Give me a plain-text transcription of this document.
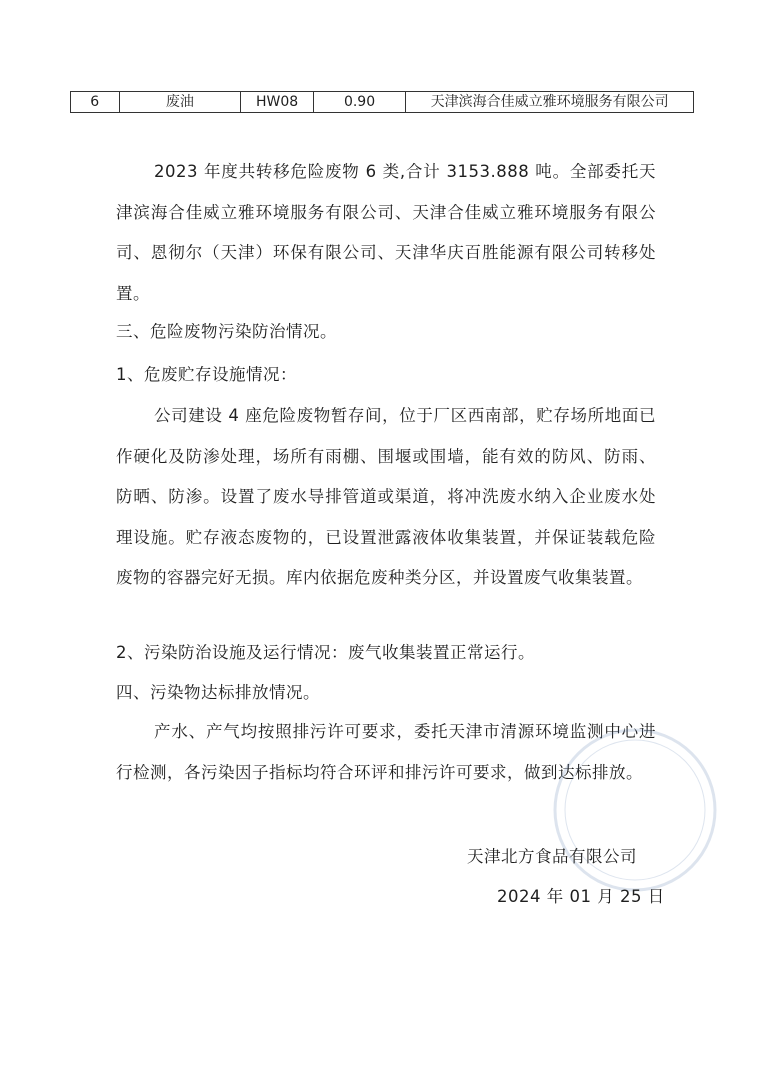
6	废油	HW08	0.90	天津滨海合佳威立雅环境服务有限公司

2023 年度共转移危险废物 6 类,合计 3153.888 吨。全部委托天津滨海合佳威立雅环境服务有限公司、天津合佳威立雅环境服务有限公司、恩彻尔（天津）环保有限公司、天津华庆百胜能源有限公司转移处置。

三、危险废物污染防治情况。

1、危废贮存设施情况：

公司建设 4 座危险废物暂存间，位于厂区西南部，贮存场所地面已作硬化及防渗处理，场所有雨棚、围堰或围墙，能有效的防风、防雨、防晒、防渗。设置了废水导排管道或渠道，将冲洗废水纳入企业废水处理设施。贮存液态废物的，已设置泄露液体收集装置，并保证装载危险废物的容器完好无损。库内依据危废种类分区，并设置废气收集装置。

2、污染防治设施及运行情况：废气收集装置正常运行。

四、污染物达标排放情况。

产水、产气均按照排污许可要求，委托天津市清源环境监测中心进行检测，各污染因子指标均符合环评和排污许可要求，做到达标排放。

天津北方食品有限公司
2024 年 01 月 25 日
